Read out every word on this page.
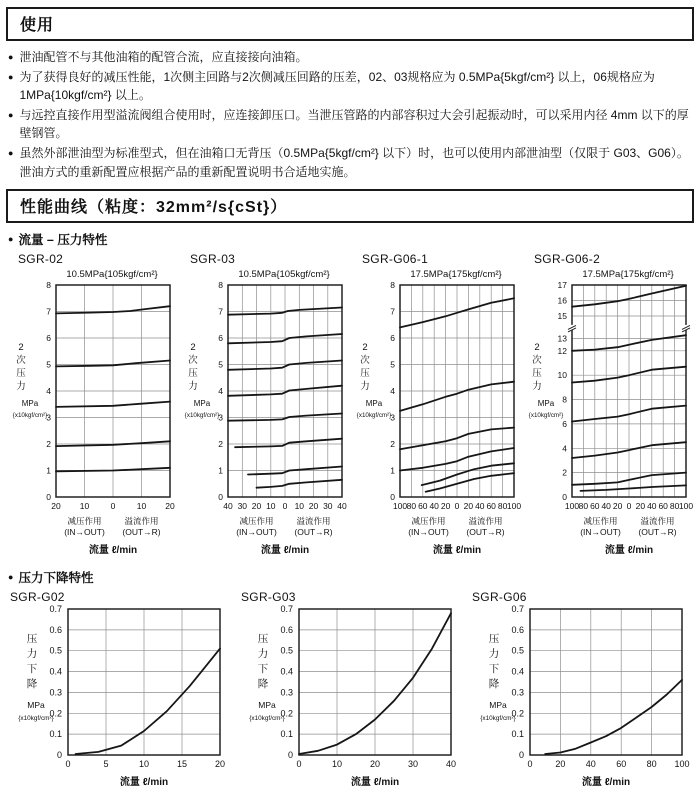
使用
● 泄油配管不与其他油箱的配管合流，应直接接向油箱。
● 为了获得良好的减压性能，1次侧主回路与2次侧减压回路的压差，02、03规格应为 0.5MPa{5kgf/cm²} 以上，06规格应为 1MPa{10kgf/cm²} 以上。
● 与远控直接作用型溢流阀组合使用时，应连接卸压口。当泄压管路的内部容积过大会引起振动时，可以采用内径 4mm 以下的厚壁钢管。
● 虽然外部泄油型为标准型式，但在油箱口无背压（0.5MPa{5kgf/cm²} 以下）时，也可以使用内部泄油型（仅限于 G03、G06）。泄油方式的重新配置应根据产品的重新配置说明书合适地实施。
性能曲线（粘度：32mm²/s{cSt}）
● 流量 – 压力特性
SGR-02
10.5MPa{105kgf/cm²}
20 10	0	10 20
0
1
2
3
4
5
6
7
8
2
次
压
力
MPa
{x10kgf/cm²}
减压作用
(IN→OUT)
溢流作用
(OUT→R)
流量 ℓ/min
SGR-03
10.5MPa{105kgf/cm²}
40 30 20 10 0 10 20 30 40
0
1
2
3
4
5
6
7
8
2
次
压
力
MPa
{x10kgf/cm²}
减压作用
(IN→OUT)
溢流作用
(OUT→R)
流量 ℓ/min
SGR-G06-1
17.5MPa{175kgf/cm²}
100 80 60 40 20 0 20 40 60 80 100
0
1
2
3
4
5
6
7
8
2
次
压
力
MPa
{x10kgf/cm²}
减压作用
(IN→OUT)
溢流作用
(OUT→R)
流量 ℓ/min
SGR-G06-2
17.5MPa{175kgf/cm²}
100 80 60 40 20 0 20 40 60 80 100
0
2
4
6
8
10
12
13
15
16
17
2
次
压
力
MPa
{x10kgf/cm²}
减压作用
(IN→OUT)
溢流作用
(OUT→R)
流量 ℓ/min
● 压力下降特性
SGR-G02
0	5	10	15	20
0
0.1
0.2
0.3
0.4
0.5
0.6
0.7
压
力
下
降
MPa
{x10kgf/cm²}
流量 ℓ/min
SGR-G03
0	10	20	30	40
0
0.1
0.2
0.3
0.4
0.5
0.6
0.7
压
力
下
降
MPa
{x10kgf/cm²}
流量 ℓ/min
SGR-G06
0	20 40 60 80 100
0
0.1
0.2
0.3
0.4
0.5
0.6
0.7
压
力
下
降
MPa
{x10kgf/cm²}
流量 ℓ/min
